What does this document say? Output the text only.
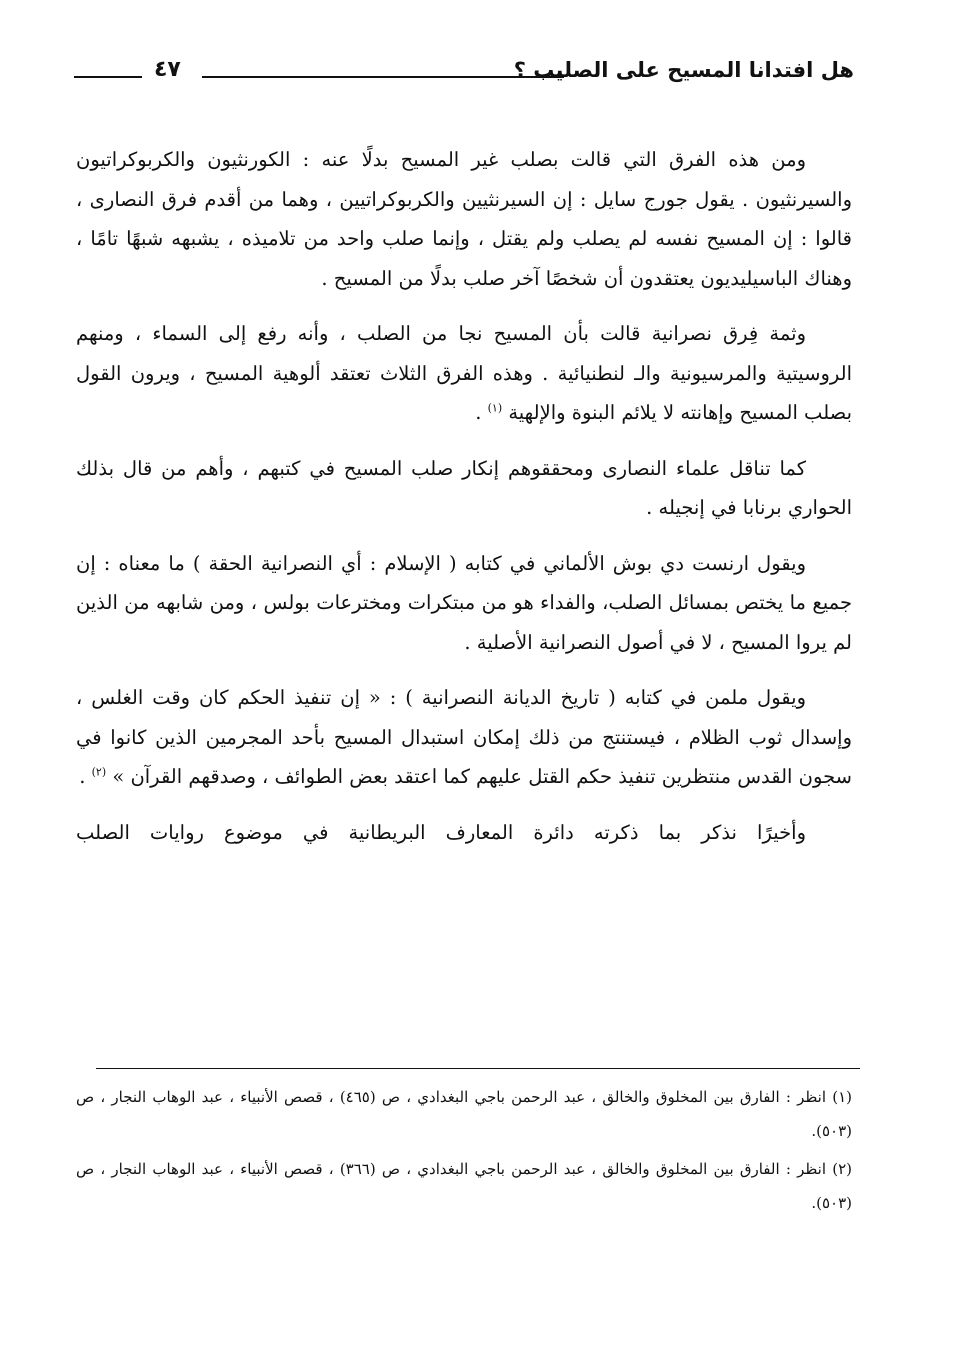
هل افتدانا المسيح على الصليب ؟
٤٧

ومن هذه الفرق التي قالت بصلب غير المسيح بدلًا عنه : الكورنثيون والكربوكراتيون والسيرنثيون . يقول جورج سايل : إن السيرنثيين والكربوكراتيين ، وهما من أقدم فرق النصارى ، قالوا : إن المسيح نفسه لم يصلب ولم يقتل ، وإنما صلب واحد من تلاميذه ، يشبهه شبهًا تامًا ، وهناك الباسيليديون يعتقدون أن شخصًا آخر صلب بدلًا من المسيح .

وثمة فِرق نصرانية قالت بأن المسيح نجا من الصلب ، وأنه رفع إلى السماء ، ومنهم الروسيتية والمرسيونية والـ لنطنيائية . وهذه الفرق الثلاث تعتقد ألوهية المسيح ، ويرون القول بصلب المسيح وإهانته لا يلائم البنوة والإلهية $^{(١)}$ .

كما تناقل علماء النصارى ومحققوهم إنكار صلب المسيح في كتبهم ، وأهم من قال بذلك الحواري برنابا في إنجيله .

ويقول ارنست دي بوش الألماني في كتابه ( الإسلام : أي النصرانية الحقة ) ما معناه : إن جميع ما يختص بمسائل الصلب، والفداء هو من مبتكرات ومخترعات بولس ، ومن شابهه من الذين لم يروا المسيح ، لا في أصول النصرانية الأصلية .

ويقول ملمن في كتابه ( تاريخ الديانة النصرانية ) : « إن تنفيذ الحكم كان وقت الغلس ، وإسدال ثوب الظلام ، فيستنتج من ذلك إمكان استبدال المسيح بأحد المجرمين الذين كانوا في سجون القدس منتظرين تنفيذ حكم القتل عليهم كما اعتقد بعض الطوائف ، وصدقهم القرآن » $^{(٢)}$ .

وأخيرًا نذكر بما ذكرته دائرة المعارف البريطانية في موضوع روايات الصلب

(١) انظر : الفارق بين المخلوق والخالق ، عبد الرحمن باجي البغدادي ، ص (٤٦٥) ، قصص الأنبياء ، عبد الوهاب النجار ، ص (٥٠٣).

(٢) انظر : الفارق بين المخلوق والخالق ، عبد الرحمن باجي البغدادي ، ص (٣٦٦) ، قصص الأنبياء ، عبد الوهاب النجار ، ص (٥٠٣).
